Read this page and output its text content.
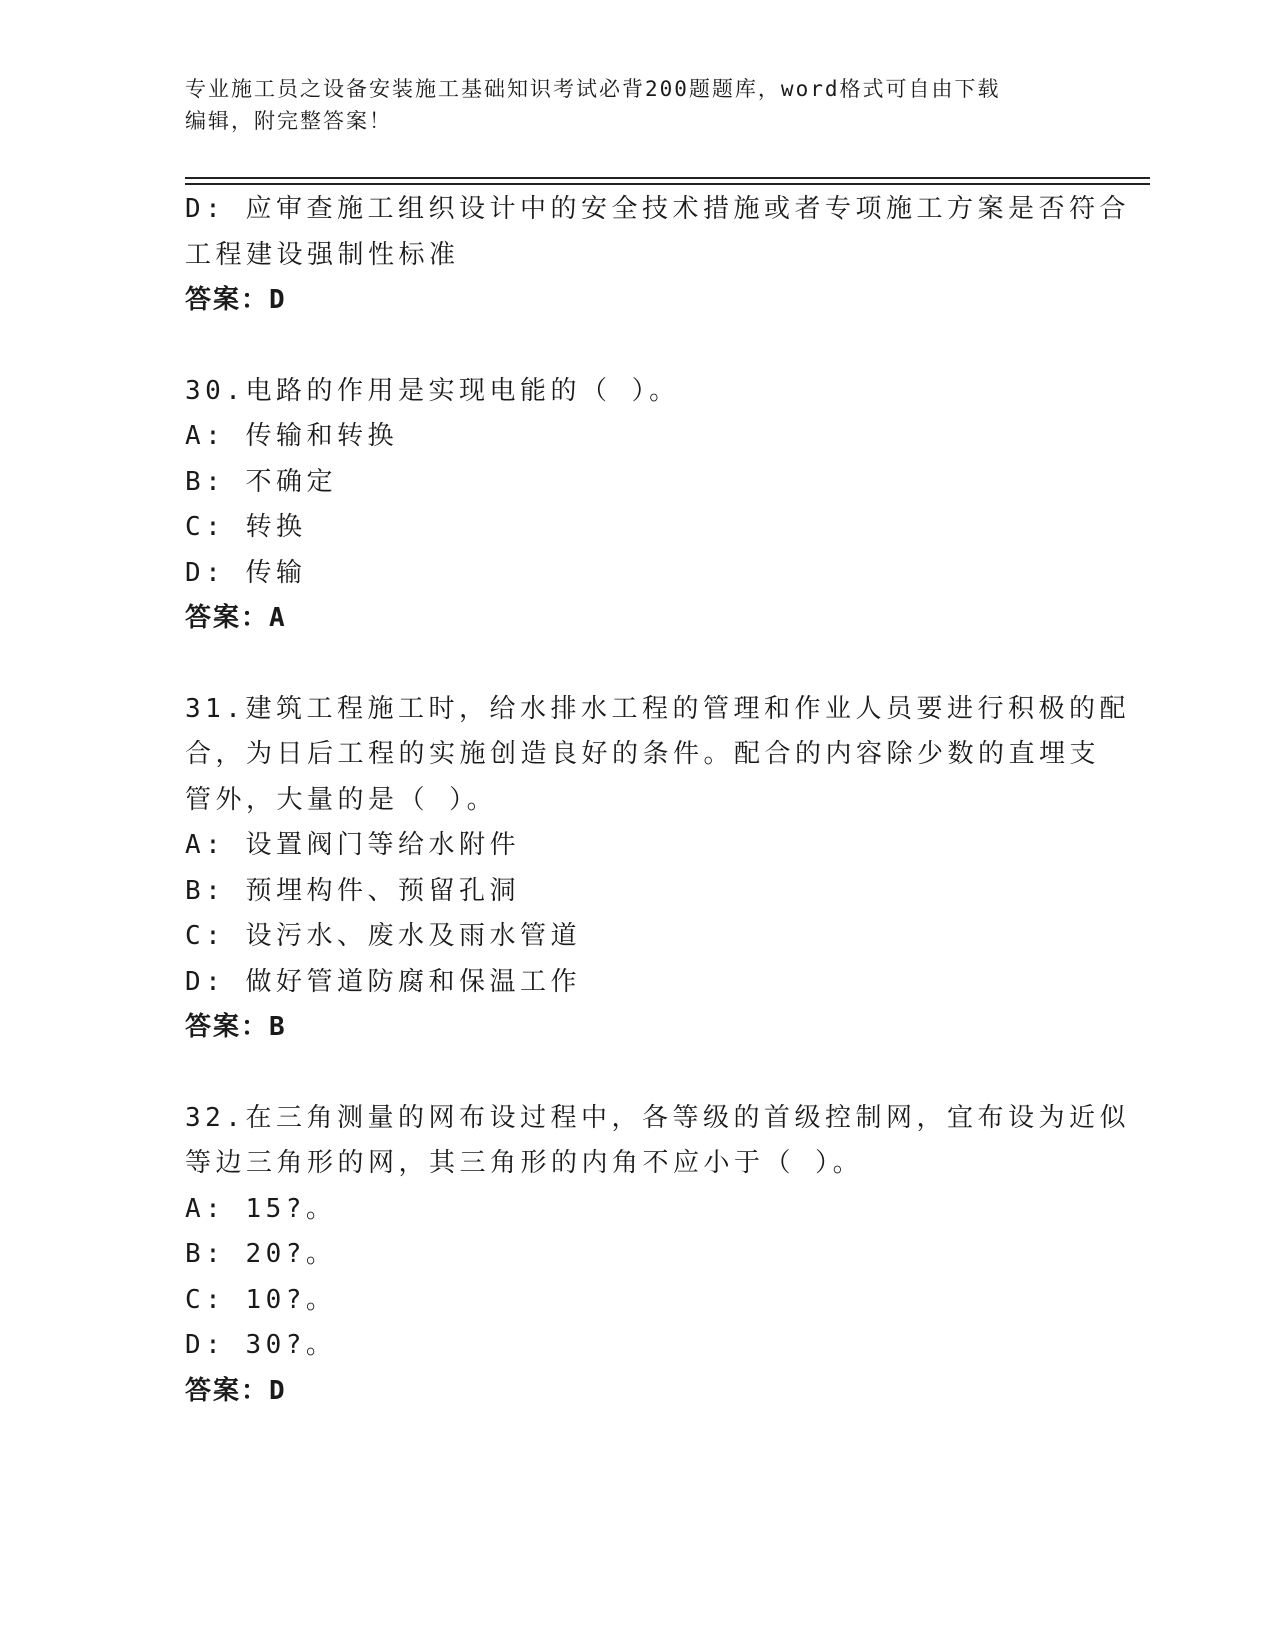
专业施工员之设备安装施工基础知识考试必背200题题库，word格式可自由下载
编辑，附完整答案！
D: 应审查施工组织设计中的安全技术措施或者专项施工方案是否符合
工程建设强制性标准
答案：D
30.电路的作用是实现电能的（ ）。
A: 传输和转换
B: 不确定
C: 转换
D: 传输
答案：A
31.建筑工程施工时，给水排水工程的管理和作业人员要进行积极的配
合，为日后工程的实施创造良好的条件。配合的内容除少数的直埋支
管外，大量的是（ ）。
A: 设置阀门等给水附件
B: 预埋构件、预留孔洞
C: 设污水、废水及雨水管道
D: 做好管道防腐和保温工作
答案：B
32.在三角测量的网布设过程中，各等级的首级控制网，宜布设为近似
等边三角形的网，其三角形的内角不应小于（ ）。
A: 15?。
B: 20?。
C: 10?。
D: 30?。
答案：D
